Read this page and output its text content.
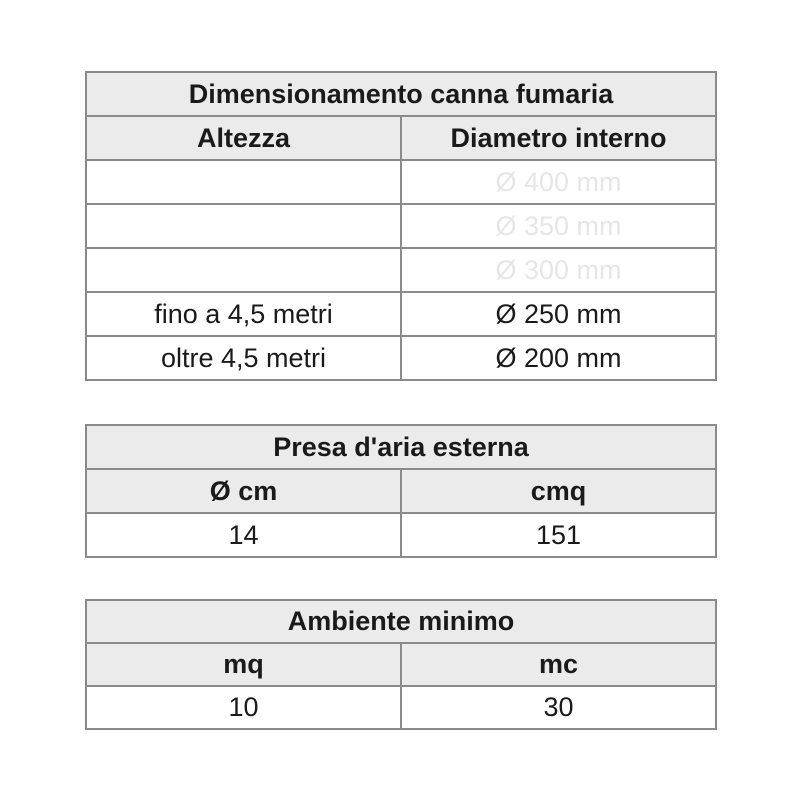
Dimensionamento canna fumaria	
Altezza	Diametro interno
	Ø 400 mm
	Ø 350 mm
	Ø 300 mm
fino a 4,5 metri	Ø 250 mm
oltre 4,5 metri	Ø 200 mm
Presa d'aria esterna	
Ø cm	cmq
14	151
Ambiente minimo	
mq	mc
10	30
